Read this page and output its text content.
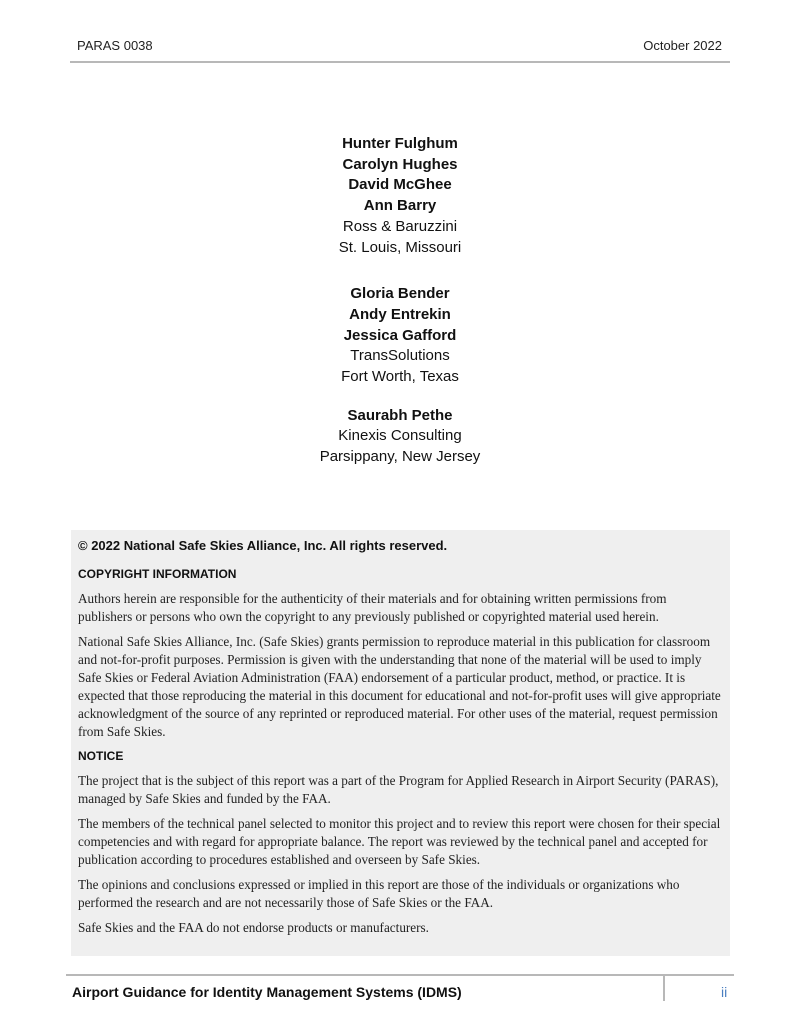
PARAS 0038	October 2022
Hunter Fulghum
Carolyn Hughes
David McGhee
Ann Barry
Ross & Baruzzini
St. Louis, Missouri
Gloria Bender
Andy Entrekin
Jessica Gafford
TransSolutions
Fort Worth, Texas
Saurabh Pethe
Kinexis Consulting
Parsippany, New Jersey
© 2022 National Safe Skies Alliance, Inc. All rights reserved.
COPYRIGHT INFORMATION

Authors herein are responsible for the authenticity of their materials and for obtaining written permissions from publishers or persons who own the copyright to any previously published or copyrighted material used herein.

National Safe Skies Alliance, Inc. (Safe Skies) grants permission to reproduce material in this publication for classroom and not-for-profit purposes. Permission is given with the understanding that none of the material will be used to imply Safe Skies or Federal Aviation Administration (FAA) endorsement of a particular product, method, or practice. It is expected that those reproducing the material in this document for educational and not-for-profit uses will give appropriate acknowledgment of the source of any reprinted or reproduced material. For other uses of the material, request permission from Safe Skies.

NOTICE

The project that is the subject of this report was a part of the Program for Applied Research in Airport Security (PARAS), managed by Safe Skies and funded by the FAA.

The members of the technical panel selected to monitor this project and to review this report were chosen for their special competencies and with regard for appropriate balance. The report was reviewed by the technical panel and accepted for publication according to procedures established and overseen by Safe Skies.

The opinions and conclusions expressed or implied in this report are those of the individuals or organizations who performed the research and are not necessarily those of Safe Skies or the FAA.

Safe Skies and the FAA do not endorse products or manufacturers.

Airport Guidance for Identity Management Systems (IDMS)	ii
